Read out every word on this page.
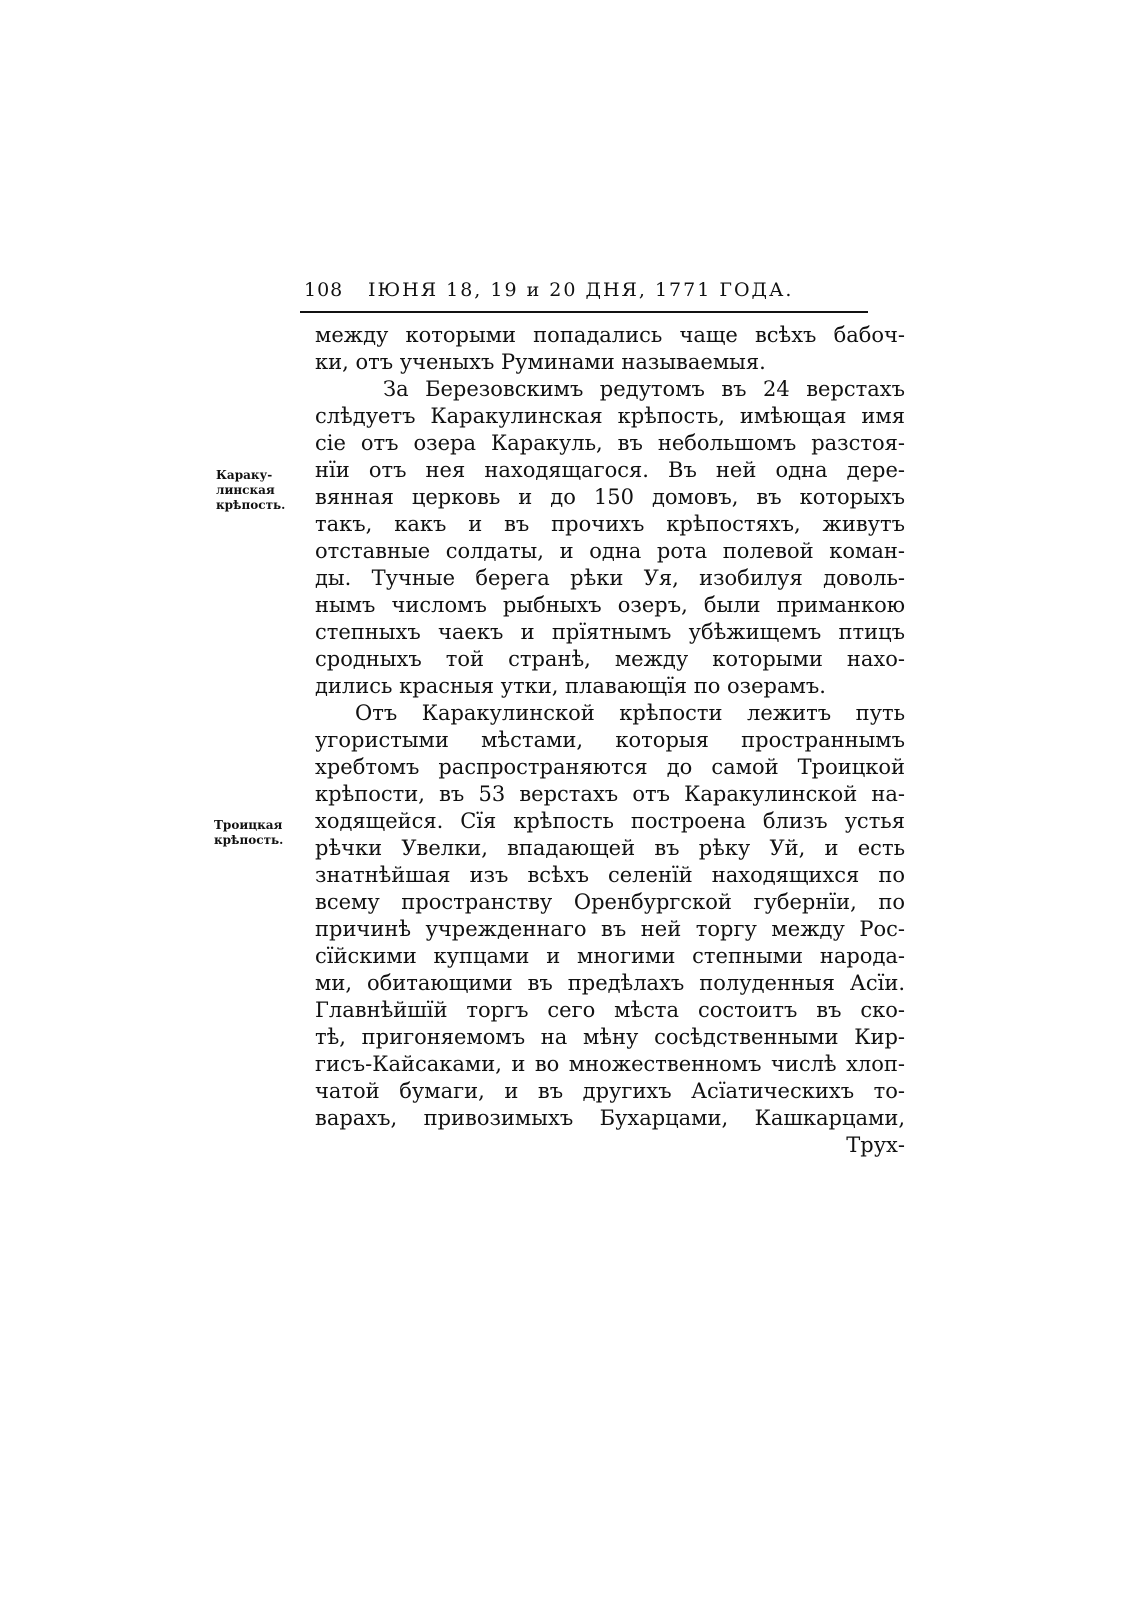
108 ІЮНЯ 18, 19 и 20 ДНЯ, 1771 ГОДА.
Караку-
линская
крѣпость.
Троицкая
крѣпость.
между которыми попадались чаще всѣхъ бабоч-
ки, отъ ученыхъ Руминами называемыя.
За Березовскимъ редутомъ въ 24 верстахъ
слѣдуетъ Каракулинская крѣпость, имѣющая имя
сіе отъ озера Каракуль, въ небольшомъ разстоя-
нїи отъ нея находящагося. Въ ней одна дере-
вянная церковь и до 150 домовъ, въ которыхъ
такъ, какъ и въ прочихъ крѣпостяхъ, живутъ
отставные солдаты, и одна рота полевой коман-
ды. Тучные берега рѣки Уя, изобилуя доволь-
нымъ числомъ рыбныхъ озеръ, были приманкою
степныхъ чаекъ и прїятнымъ убѣжищемъ птицъ
сродныхъ той странѣ, между которыми нахо-
дились красныя утки, плавающїя по озерамъ.
Отъ Каракулинской крѣпости лежитъ путь
угористыми мѣстами, которыя пространнымъ
хребтомъ распространяются до самой Троицкой
крѣпости, въ 53 верстахъ отъ Каракулинской на-
ходящейся. Сїя крѣпость построена близъ устья
рѣчки Увелки, впадающей въ рѣку Уй, и есть
знатнѣйшая изъ всѣхъ селенїй находящихся по
всему пространству Оренбургской губернїи, по
причинѣ учрежденнаго въ ней торгу между Рос-
сїйскими купцами и многими степными народа-
ми, обитающими въ предѣлахъ полуденныя Асїи.
Главнѣйшїй торгъ сего мѣста состоитъ въ ско-
тѣ, пригоняемомъ на мѣну сосѣдственными Кир-
гисъ-Кайсаками, и во множественномъ числѣ хлоп-
чатой бумаги, и въ другихъ Асїатическихъ то-
варахъ, привозимыхъ Бухарцами, Кашкарцами,
Трух-
